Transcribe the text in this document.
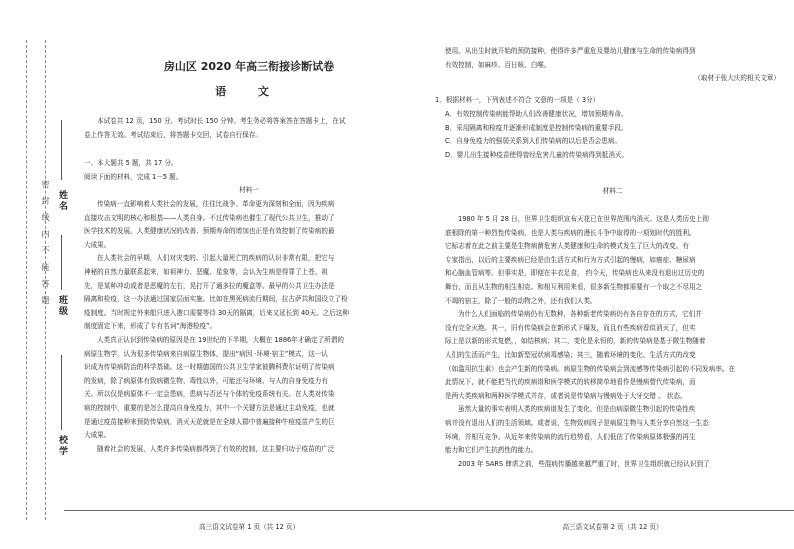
姓名
密 封 线 内 不 能 答 题 班级
校学
房山区 2020 年高三衔接诊断试卷
语 文

本试卷共 12 页，150 分。考试时长 150 分钟。考生务必将答案答在答题卡上，在试

卷上作答无效。考试结束后，将答题卡交回，试卷自行保存。

一、本大题共 5 题，共 17 分。

阅读下面的材料，完成 1－5 题。

材料一

传染病一直影响着人类社会的发展，往往比战争、革命更为深刻和全面，因为疾病

直接攻击文明的核心和根基——人类自身。不过传染病也催生了现代公共卫生，推动了

医学技术的发展。人类健康状况的改善、预期寿命的增加也正是有效控制了传染病的最

大成果。

在人类社会的早期，人们对灾变的、引起大量死亡的疾病的认识非常有限，把它与

神秘的自然力量联系起来，如祖神力、恶魔、星象等，会认为生病是得罪了上苍、祖

先，是某种冲动或者是恶魔的左右，晃打开了通多拉的魔盒等。最早的公共卫生办法是

隔离和检疫，这一办法通过国家层面实施。比如在黑死病流行期间，拉古萨共和国设立了检

疫制度。当时规定外来船只进入港口需要等待 30天的隔离，后来又延长到 40天。之后这种

制度固定下来，形成了专有名词“海港检疫”。

人类真正认识到传染病的原因是在 19世纪的下半期，大概在 1886年才确定了所谓的

病原生物学，认为很多传染病来自病原生物体，提出“病因 ·环境·宿主”模式，这一认

识成为传染病防治的科学基础。这一时期德国的公共卫生学家彼腾科费尔证明了传染病

的发病，除了病原体有致病微生物、毒性以外，可能还与环境、与人的自身免疫力有

关。所以仅是病原体不一定会患病，患病与否还与个体的免疫系统有关。在人类对传染

病的控制中，重要的是怎么提高自身免疫力，其中一个关键方法是通过主动免疫，也就

是通过疫苗接种来预防传染病，消灭天花就是在全球人群中普遍接种牛痘疫苗产生的巨

大成果。

随着社会的发展，人类许多传染病都得到了有效的控制，这主要归功于疫苗的广泛

高三语文试卷第 1 页（共 12 页）

使用。从出生时就开始的预防接种，使得许多严重危及婴幼儿健康与生命的传染病得到

有效控制，如麻疹、百日咳、白喉。

（取材于张大庆的相关文章）

1．根据材料一，下列表述不符合 文意的一项是（ 3分）

A．有效控制传染病能帮助人们改善健康状况，增加预期寿命。

B．采用隔离和检疫并逐渐形成制度是控制传染病的重要手段。

C．自身免疫力的强弱关系到人们传染病的以后是否会患病。

D．婴儿出生接种疫苗使得曾经危害儿童的传染病得到抵消灭。

材料二

1980 年 5 月 28 日，世界卫生组织宣布天花已在世界范围内消灭。这是人类历史上彻

底根除的第一种烈性传染病，也是人类与疾病的漫长斗争中取得的一项划时代的胜利。

它标志着在此之前主要是生物病菌危害人类健康和生命的模式发生了巨大的改变。有

专家指出，以后的主要疾病已经是由生活方式和行为方式引起的慢病，如癌症、糖尿病

和心脑血管病等。但事实是，即便在丰衣足食， 约今天，传染病也从来没有退出过历史的

舞台，而且从生物的相生相克、和相互利用来看，很多新生物都需要有一个取之不尽用之

不竭的宿主，除了一般的动物之外，还有我们人类。

为什么人们面临的传染病仍有无数种，各种新老传染病仍有各自存在的方式，它们并

没有完全灭绝。其一，旧有传染病会在新形式下爆发，而且有些疾病看似消灭了，但实

际上是以新的形式复燃，，如结核病；其二，变化是永恒的，新的传染病是基于微生物随着

人们的生活而产生，比如新型冠状病毒感染；其三，随着环境的变化、生活方式的改变

（如滥用抗生素）也会产生新的传染病。病原生物的传染病会到流感等传染病引起的不同发病率。在

此情况下，就不能把当代的疾病谱和医学模式的转移简单地看作是慢病替代传染病，而

是两大类疾病和两种医学模式并存，或者说是传染病与慢病处于大牙交错 。 状态。

虽然大量的事实表明人类的疾病谱发生了变化，但是由病原微生物引起的传染性疾

病并没有退出人们的生活领域。或者说，生物致病因子是病原生物与人类分享自然这一生态

环境，并相互竞争。从近年来传染病的流行趋势看，人们低估了传染病原体极强的再生

能力和它们产生抗药性的能力。

2003 年 SARS 肆虐之前，些混病传播越来越严重了时，世界卫生组织就已经认识到了

高三语文试卷第 2 页（共 12 页）
